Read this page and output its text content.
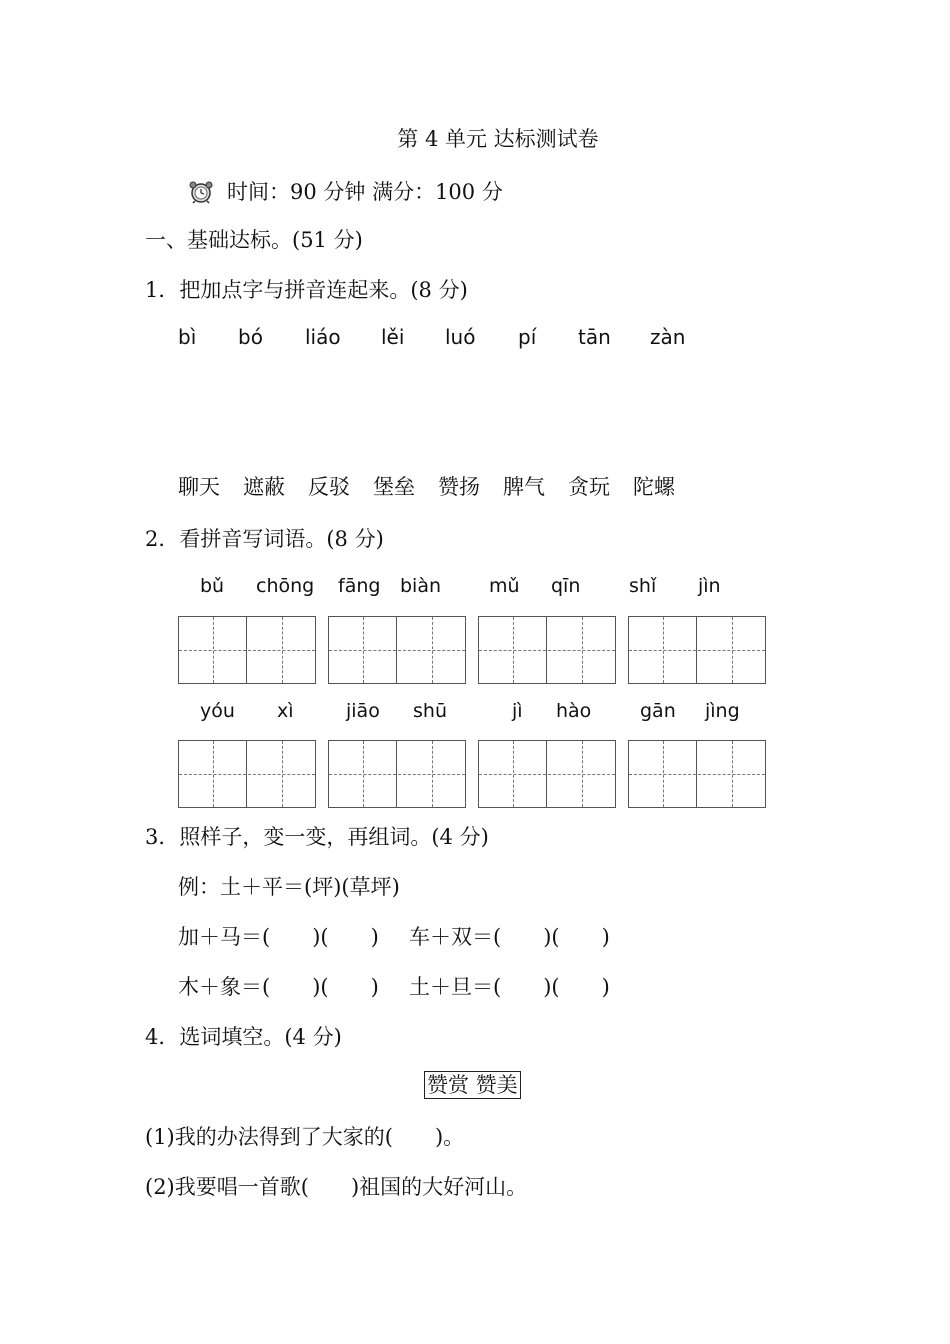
第 4 单元 达标测试卷
时间：90 分钟 满分：100 分
一、基础达标。(51 分)
1．把加点字与拼音连起来。(8 分)
bì	bó	liáo	lěi	luó	pí	tān	zàn
聊天 遮蔽 反驳 堡垒 赞扬 脾气 贪玩 陀螺
2．看拼音写词语。(8 分)
bǔ chōng fāng biàn	mǔ qīn	shǐ jìn
yóu xì	jiāo shū	jì hào	gān jìng
3．照样子，变一变，再组词。(4 分)
例：土＋平＝(坪)(草坪)
加＋马＝(　　)(　　) 车＋双＝(　　)(　　)
木＋象＝(　　)(　　) 土＋旦＝(　　)(　　)
4．选词填空。(4 分)
赞赏 赞美
(1)我的办法得到了大家的(　　)。
(2)我要唱一首歌(　　)祖国的大好河山。
